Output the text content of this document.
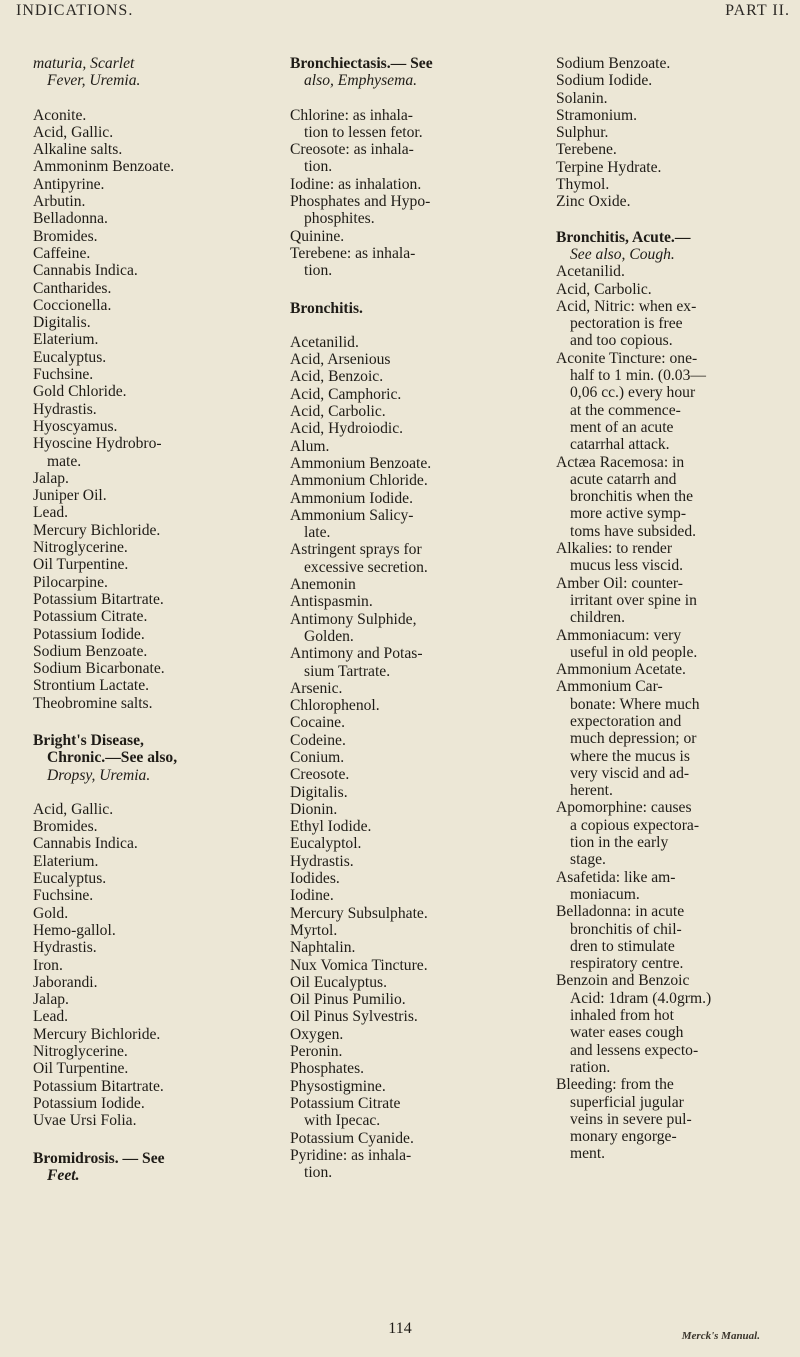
INDICATIONS.	PART II.
maturia, Scarlet
Fever, Uremia.
Aconite.
Acid, Gallic.
Alkaline salts.
Ammoninm Benzoate.
Antipyrine.
Arbutin.
Belladonna.
Bromides.
Caffeine.
Cannabis Indica.
Cantharides.
Coccionella.
Digitalis.
Elaterium.
Eucalyptus.
Fuchsine.
Gold Chloride.
Hydrastis.
Hyoscyamus.
Hyoscine Hydrobro-
mate.
Jalap.
Juniper Oil.
Lead.
Mercury Bichloride.
Nitroglycerine.
Oil Turpentine.
Pilocarpine.
Potassium Bitartrate.
Potassium Citrate.
Potassium Iodide.
Sodium Benzoate.
Sodium Bicarbonate.
Strontium Lactate.
Theobromine salts.
Bright's Disease,
Chronic.—See also,
Dropsy, Uremia.
Acid, Gallic.
Bromides.
Cannabis Indica.
Elaterium.
Eucalyptus.
Fuchsine.
Gold.
Hemo-gallol.
Hydrastis.
Iron.
Jaborandi.
Jalap.
Lead.
Mercury Bichloride.
Nitroglycerine.
Oil Turpentine.
Potassium Bitartrate.
Potassium Iodide.
Uvae Ursi Folia.
Bromidrosis. — See
Feet.
Bronchiectasis.— See
also, Emphysema.
Chlorine: as inhala-
tion to lessen fetor.
Creosote: as inhala-
tion.
Iodine: as inhalation.
Phosphates and Hypo-
phosphites.
Quinine.
Terebene: as inhala-
tion.
Bronchitis.
Acetanilid.
Acid, Arsenious
Acid, Benzoic.
Acid, Camphoric.
Acid, Carbolic.
Acid, Hydroiodic.
Alum.
Ammonium Benzoate.
Ammonium Chloride.
Ammonium Iodide.
Ammonium Salicy-
late.
Astringent sprays for
excessive secretion.
Anemonin
Antispasmin.
Antimony Sulphide,
Golden.
Antimony and Potas-
sium Tartrate.
Arsenic.
Chlorophenol.
Cocaine.
Codeine.
Conium.
Creosote.
Digitalis.
Dionin.
Ethyl Iodide.
Eucalyptol.
Hydrastis.
Iodides.
Iodine.
Mercury Subsulphate.
Myrtol.
Naphtalin.
Nux Vomica Tincture.
Oil Eucalyptus.
Oil Pinus Pumilio.
Oil Pinus Sylvestris.
Oxygen.
Peronin.
Phosphates.
Physostigmine.
Potassium Citrate
with Ipecac.
Potassium Cyanide.
Pyridine: as inhala-
tion.
Sodium Benzoate.
Sodium Iodide.
Solanin.
Stramonium.
Sulphur.
Terebene.
Terpine Hydrate.
Thymol.
Zinc Oxide.
Bronchitis, Acute.—
See also, Cough.
Acetanilid.
Acid, Carbolic.
Acid, Nitric: when ex-
pectoration is free
and too copious.
Aconite Tincture: one-
half to 1 min. (0.03—
0,06 cc.) every hour
at the commence-
ment of an acute
catarrhal attack.
Actæa Racemosa: in
acute catarrh and
bronchitis when the
more active symp-
toms have subsided.
Alkalies: to render
mucus less viscid.
Amber Oil: counter-
irritant over spine in
children.
Ammoniacum: very
useful in old people.
Ammonium Acetate.
Ammonium Car-
bonate: Where much
expectoration and
much depression; or
where the mucus is
very viscid and ad-
herent.
Apomorphine: causes
a copious expectora-
tion in the early
stage.
Asafetida: like am-
moniacum.
Belladonna: in acute
bronchitis of chil-
dren to stimulate
respiratory centre.
Benzoin and Benzoic
Acid: 1dram (4.0grm.)
inhaled from hot
water eases cough
and lessens expecto-
ration.
Bleeding: from the
superficial jugular
veins in severe pul-
monary engorge-
ment.
114	Merck's Manual.
